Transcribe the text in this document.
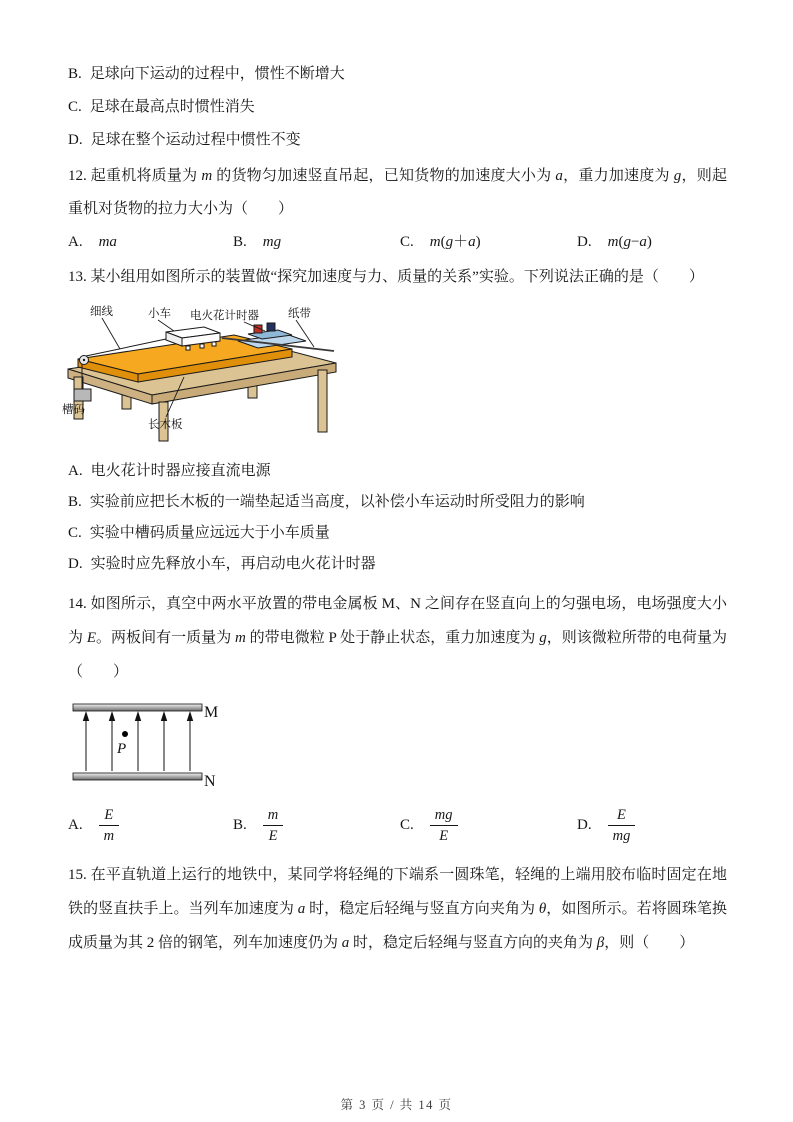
B. 足球向下运动的过程中，惯性不断增大

C. 足球在最高点时惯性消失

D. 足球在整个运动过程中惯性不变

12. 起重机将质量为 m 的货物匀加速竖直吊起，已知货物的加速度大小为 a，重力加速度为 g，则起重机对货物的拉力大小为（　　）

A. ma	B. mg	C. m(g＋a)	D. m(g−a)

13. 某小组用如图所示的装置做“探究加速度与力、质量的关系”实验。下列说法正确的是（　　）

细线	小车 电火花计时器	纸带
槽码
长木板

A. 电火花计时器应接直流电源

B. 实验前应把长木板的一端垫起适当高度，以补偿小车运动时所受阻力的影响

C. 实验中槽码质量应远远大于小车质量

D. 实验时应先释放小车，再启动电火花计时器

14. 如图所示，真空中两水平放置的带电金属板 M、N 之间存在竖直向上的匀强电场，电场强度大小为 E。两板间有一质量为 m 的带电微粒 P 处于静止状态，重力加速度为 g，则该微粒所带的电荷量为（　　）

M
N
P
A. $\frac{E}{m}$	B. $\frac{m}{E}$	C. $\frac{mg}{E}$	D. $\frac{E}{mg}$

15. 在平直轨道上运行的地铁中，某同学将轻绳的下端系一圆珠笔，轻绳的上端用胶布临时固定在地铁的竖直扶手上。当列车加速度为 a 时，稳定后轻绳与竖直方向夹角为 θ，如图所示。若将圆珠笔换成质量为其 2 倍的钢笔，列车加速度仍为 a 时，稳定后轻绳与竖直方向的夹角为 β，则（　　）

第 3 页 / 共 14 页
